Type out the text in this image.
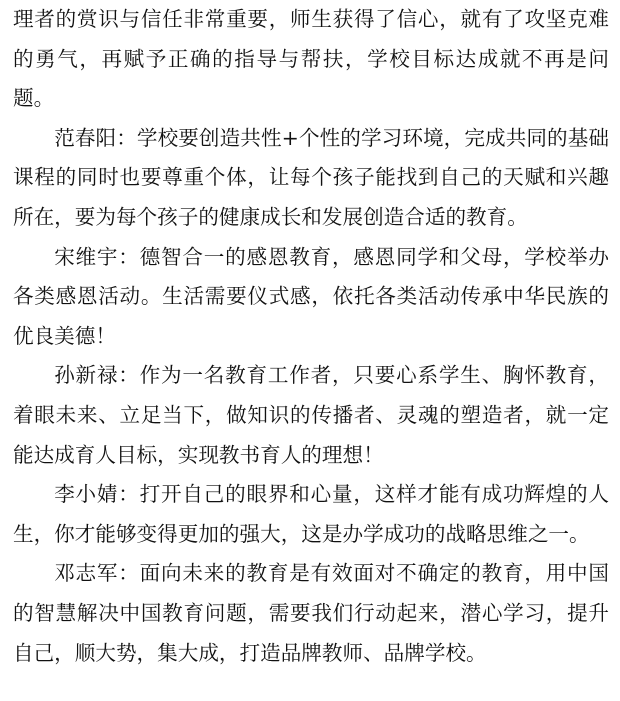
理者的赏识与信任非常重要，师生获得了信心，就有了攻坚克难的勇气，再赋予正确的指导与帮扶，学校目标达成就不再是问题。

范春阳：学校要创造共性+个性的学习环境，完成共同的基础课程的同时也要尊重个体，让每个孩子能找到自己的天赋和兴趣所在，要为每个孩子的健康成长和发展创造合适的教育。

宋维宇：德智合一的感恩教育，感恩同学和父母，学校举办各类感恩活动。生活需要仪式感，依托各类活动传承中华民族的优良美德！

孙新禄：作为一名教育工作者，只要心系学生、胸怀教育，着眼未来、立足当下，做知识的传播者、灵魂的塑造者，就一定能达成育人目标，实现教书育人的理想！

李小婧：打开自己的眼界和心量，这样才能有成功辉煌的人生，你才能够变得更加的强大，这是办学成功的战略思维之一。

邓志军：面向未来的教育是有效面对不确定的教育，用中国的智慧解决中国教育问题，需要我们行动起来，潜心学习，提升自己，顺大势，集大成，打造品牌教师、品牌学校。
